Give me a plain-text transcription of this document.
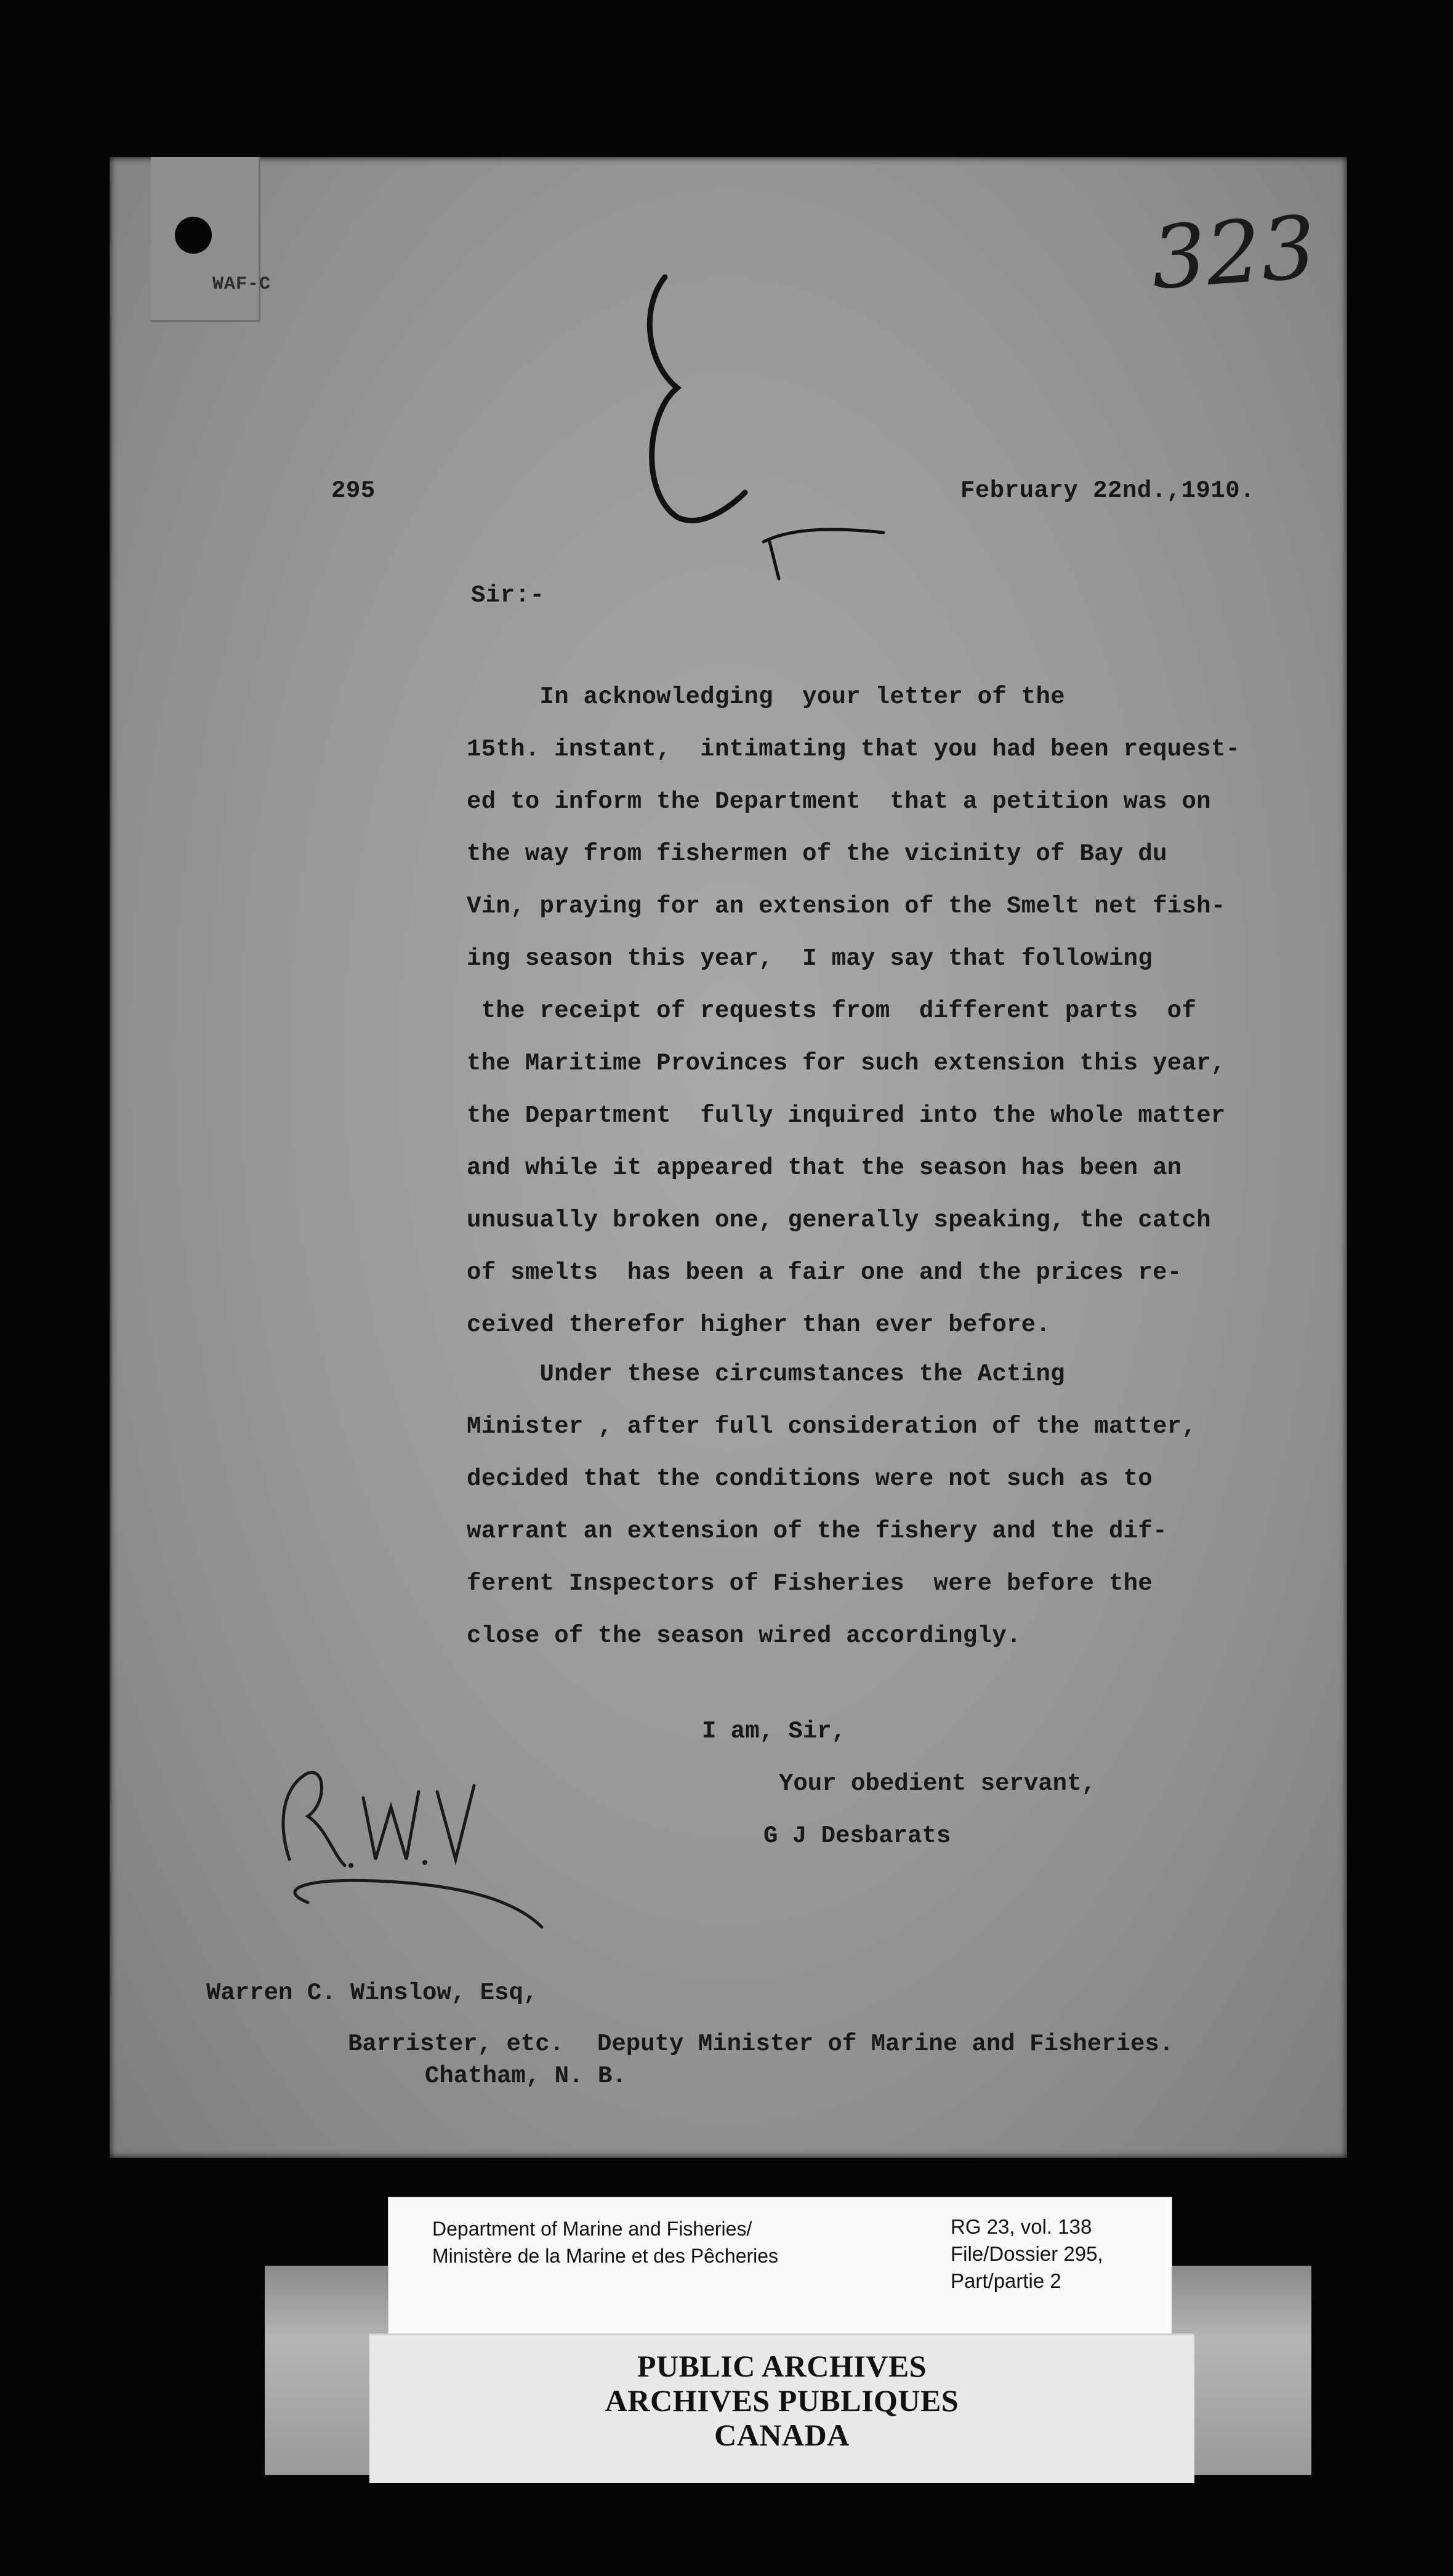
WAF-C	323
295	February 22nd.,1910.
Sir:-
In acknowledging  your letter of the
15th. instant,  intimating that you had been request-
ed to inform the Department  that a petition was on
the way from fishermen of the vicinity of Bay du
Vin, praying for an extension of the Smelt net fish-
ing season this year,  I may say that following
the receipt of requests from  different parts  of
the Maritime Provinces for such extension this year,
the Department  fully inquired into the whole matter
and while it appeared that the season has been an
unusually broken one, generally speaking, the catch
of smelts  has been a fair one and the prices re-
ceived therefor higher than ever before.
Under these circumstances the Acting
Minister , after full consideration of the matter,
decided that the conditions were not such as to
warrant an extension of the fishery and the dif-
ferent Inspectors of Fisheries  were before the
close of the season wired accordingly.
I am, Sir,
Your obedient servant,
G J Desbarats
Warren C. Winslow, Esq,
Barrister, etc. Deputy Minister of Marine and Fisheries.
Chatham, N. B.
Department of Marine and Fisheries/
Ministère de la Marine et des Pêcheries
RG 23, vol. 138
File/Dossier 295,
Part/partie 2
PUBLIC ARCHIVES
ARCHIVES PUBLIQUES
CANADA
